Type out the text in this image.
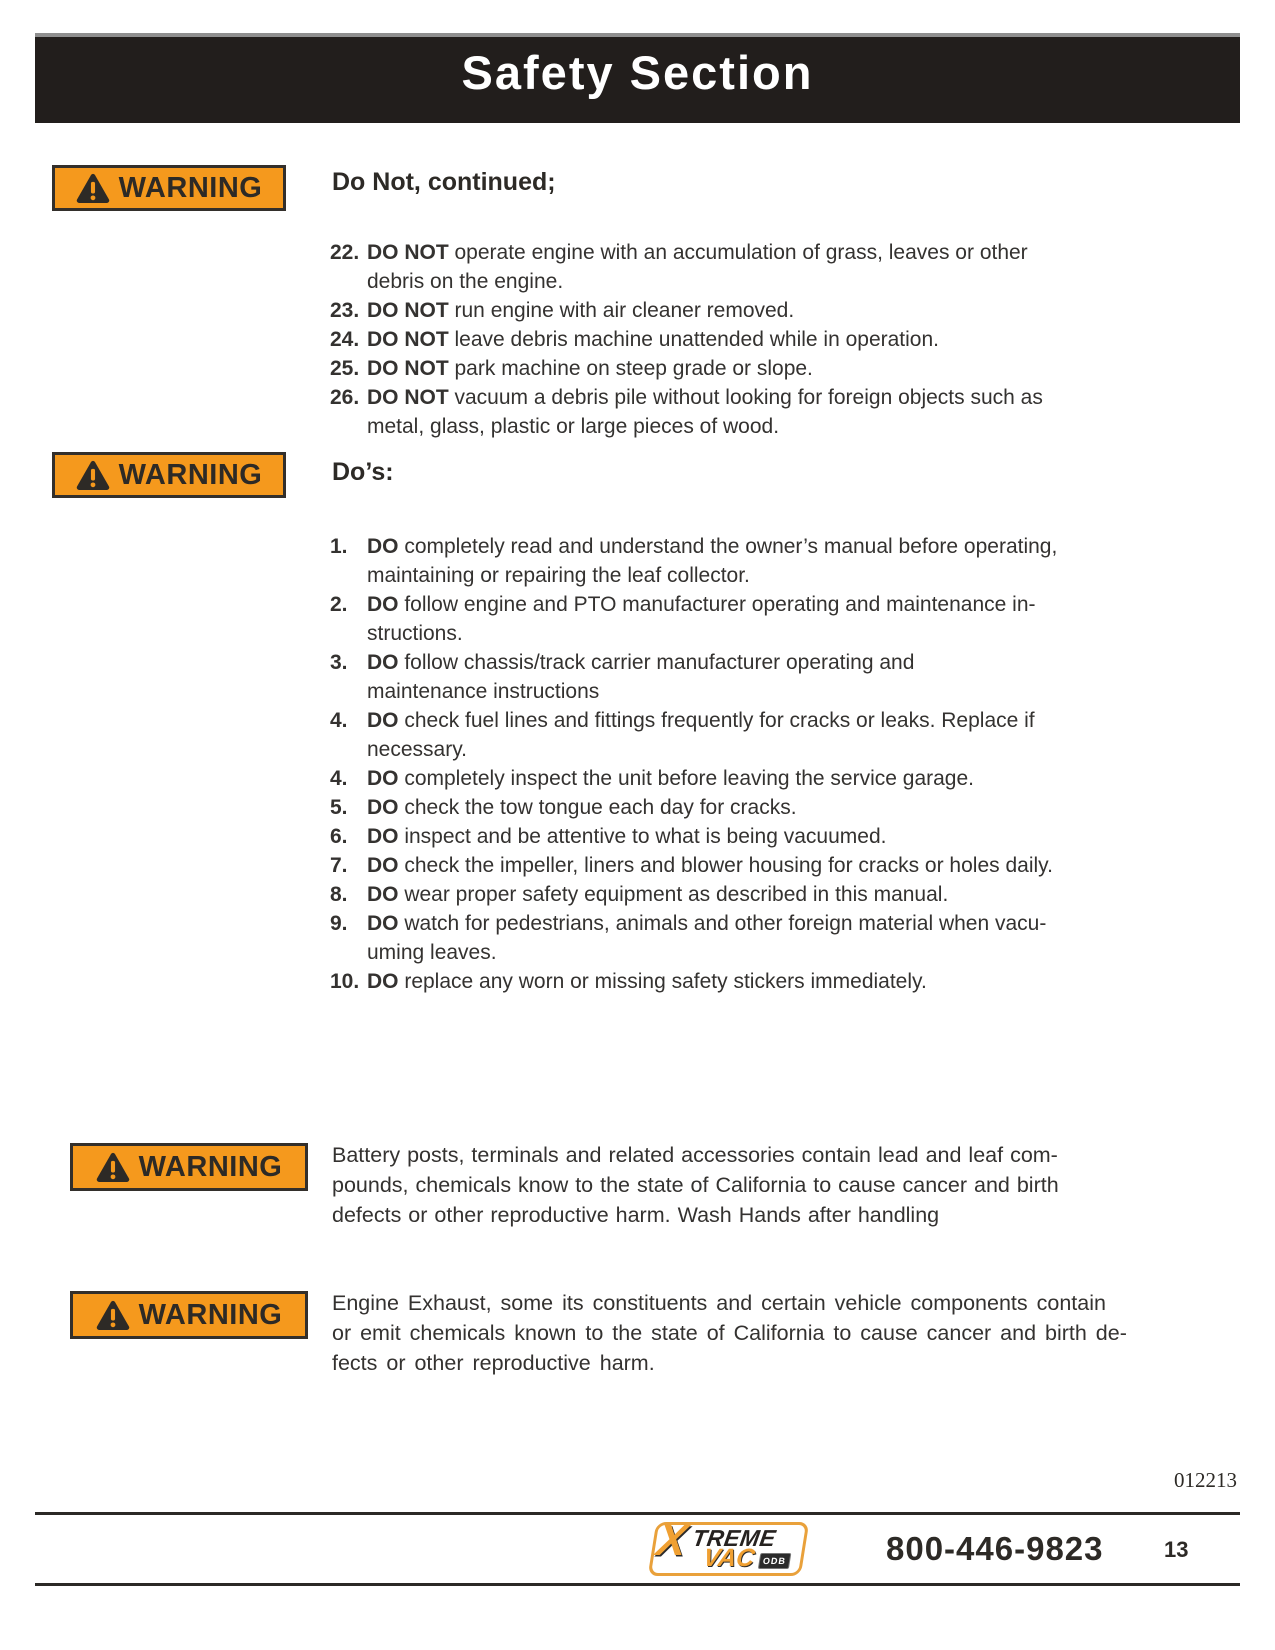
Safety Section
WARNING	Do Not, continued;
22. DO NOT operate engine with an accumulation of grass, leaves or other
debris on the engine.
23. DO NOT run engine with air cleaner removed.
24. DO NOT leave debris machine unattended while in operation.
25. DO NOT park machine on steep grade or slope.
26. DO NOT vacuum a debris pile without looking for foreign objects such as
metal, glass, plastic or large pieces of wood.
WARNING	Do’s:
1. DO completely read and understand the owner’s manual before operating,
maintaining or repairing the leaf collector.
2. DO follow engine and PTO manufacturer operating and maintenance in-
structions.
3. DO follow chassis/track carrier manufacturer operating and
maintenance instructions
4. DO check fuel lines and fittings frequently for cracks or leaks. Replace if
necessary.
4. DO completely inspect the unit before leaving the service garage.
5. DO check the tow tongue each day for cracks.
6. DO inspect and be attentive to what is being vacuumed.
7. DO check the impeller, liners and blower housing for cracks or holes daily.
8. DO wear proper safety equipment as described in this manual.
9. DO watch for pedestrians, animals and other foreign material when vacu-
uming leaves.
10. DO replace any worn or missing safety stickers immediately.
WARNING Battery posts, terminals and related accessories contain lead and leaf com-
pounds, chemicals know to the state of California to cause cancer and birth
defects or other reproductive harm. Wash Hands after handling
WARNING Engine Exhaust, some its constituents and certain vehicle components contain
or emit chemicals known to the state of California to cause cancer and birth de-
fects or other reproductive harm.
012213
X TREME
VAC ODB	800-446-9823	13
